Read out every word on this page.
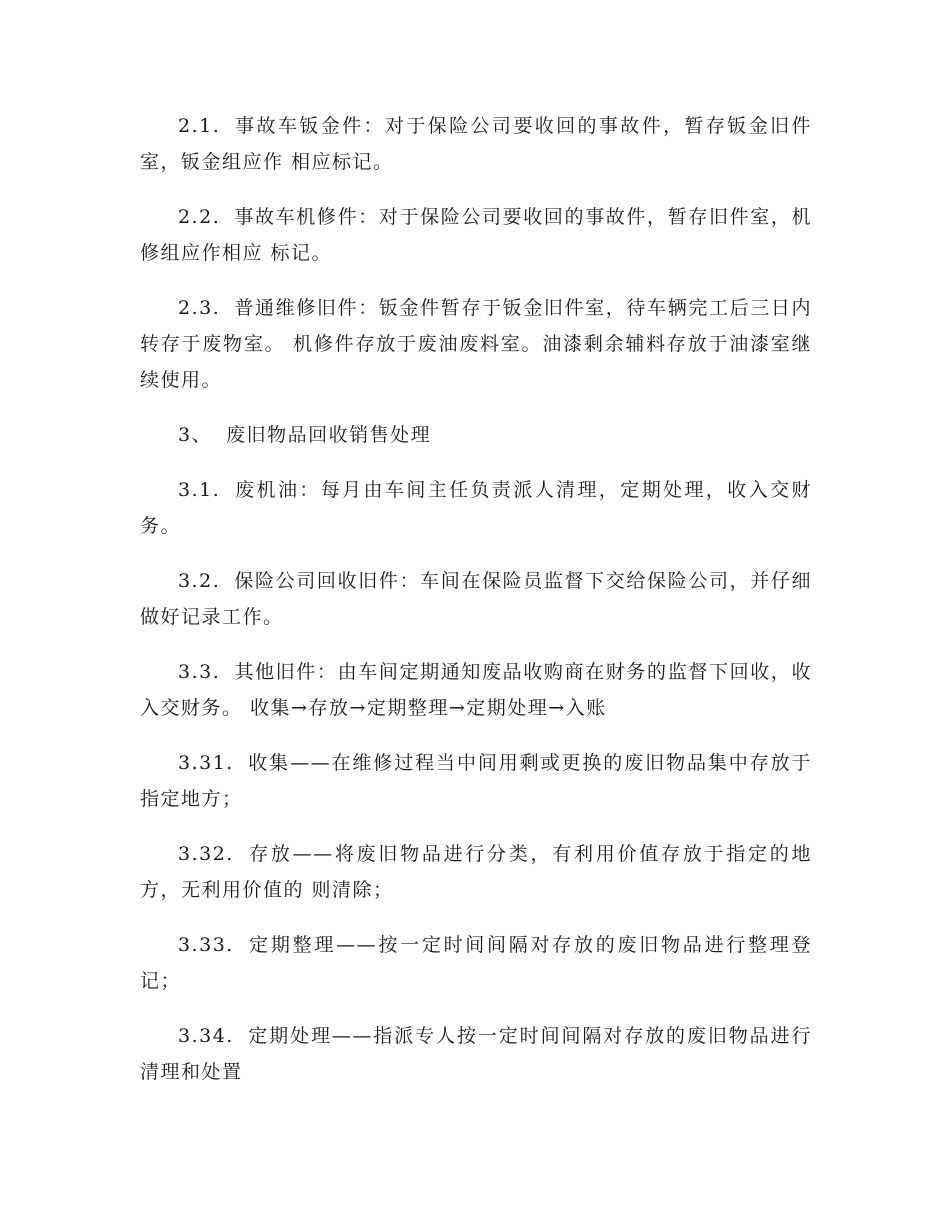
2.1. 事故车钣金件：对于保险公司要收回的事故件，暂存钣金旧件室，钣金组应作 相应标记。

2.2. 事故车机修件：对于保险公司要收回的事故件，暂存旧件室，机修组应作相应 标记。

2.3. 普通维修旧件：钣金件暂存于钣金旧件室，待车辆完工后三日内转存于废物室。 机修件存放于废油废料室。油漆剩余辅料存放于油漆室继续使用。

3、 废旧物品回收销售处理

3.1. 废机油：每月由车间主任负责派人清理，定期处理，收入交财务。

3.2. 保险公司回收旧件：车间在保险员监督下交给保险公司，并仔细做好记录工作。

3.3. 其他旧件：由车间定期通知废品收购商在财务的监督下回收，收入交财务。 收集→存放→定期整理→定期处理→入账

3.31. 收集——在维修过程当中间用剩或更换的废旧物品集中存放于指定地方；

3.32. 存放——将废旧物品进行分类，有利用价值存放于指定的地方，无利用价值的 则清除；

3.33. 定期整理——按一定时间间隔对存放的废旧物品进行整理登记；

3.34. 定期处理——指派专人按一定时间间隔对存放的废旧物品进行清理和处置
